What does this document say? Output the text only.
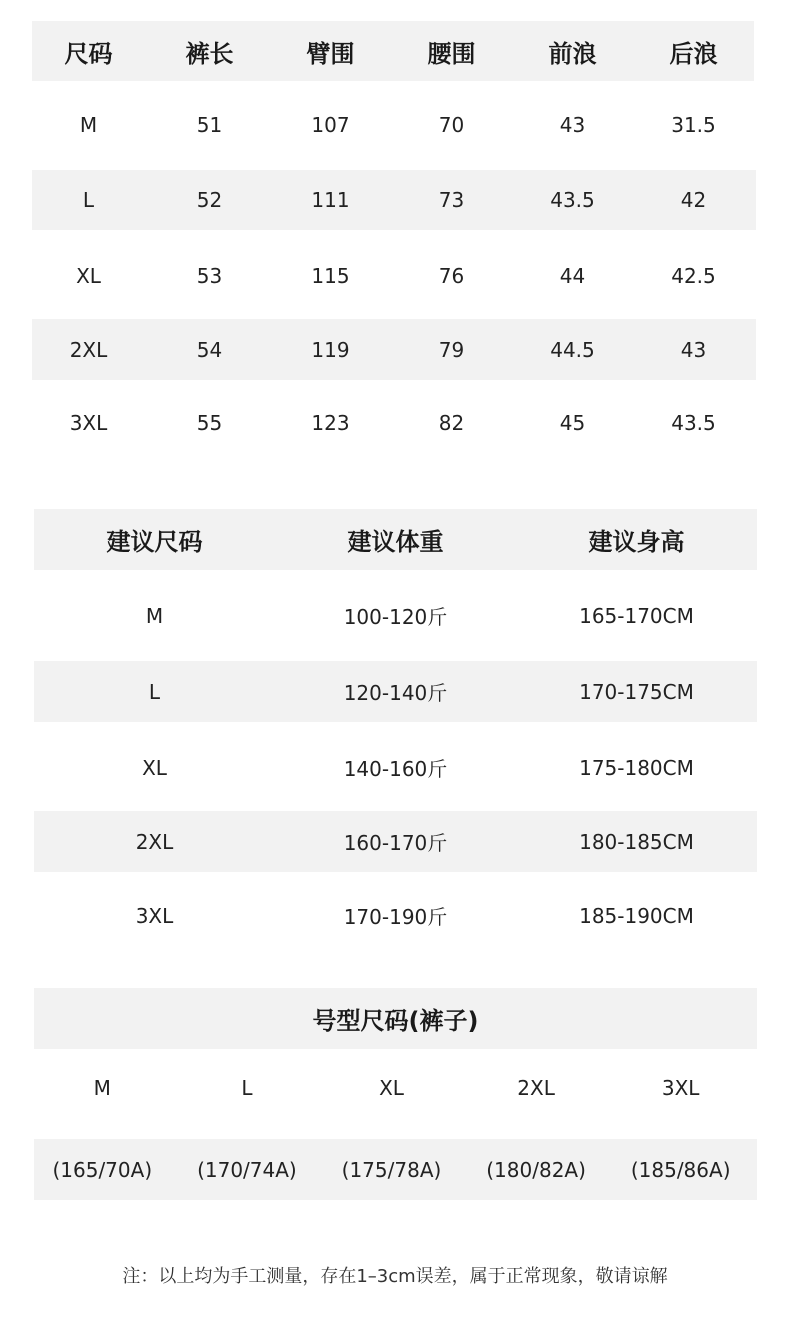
尺码	裤长	臂围	腰围	前浪	后浪
M	51	107	70	43	31.5
L	52	111	73	43.5	42
XL	53	115	76	44	42.5
2XL	54	119	79	44.5	43
3XL	55	123	82	45	43.5
建议尺码	建议体重	建议身高
M	100-120斤	165-170CM
L	120-140斤	170-175CM
XL	140-160斤	175-180CM
2XL	160-170斤	180-185CM
3XL	170-190斤	185-190CM
号型尺码(裤子)
M	L	XL	2XL	3XL
(165/70A)	(170/74A)	(175/78A)	(180/82A)	(185/86A)
注：以上均为手工测量，存在1–3cm误差，属于正常现象，敬请谅解
